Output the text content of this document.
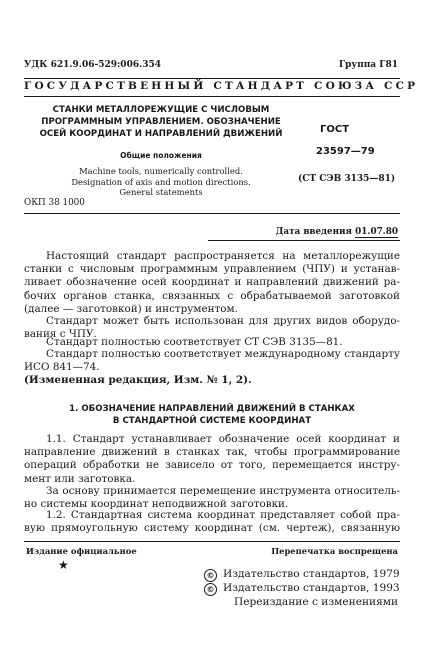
УДК 621.9.06-529:006.354	Группа Г81
ГОСУДАРСТВЕННЫЙ СТАНДАРТ СОЮЗА ССР
СТАНКИ МЕТАЛЛОРЕЖУЩИЕ С ЧИСЛОВЫМ
ПРОГРАММНЫМ УПРАВЛЕНИЕМ. ОБОЗНАЧЕНИЕ
ОСЕЙ КООРДИНАТ И НАПРАВЛЕНИЙ ДВИЖЕНИЙ
Общие положения
Machine tools, numerically controlled.
Designation of axis and motion directions.
General statements
ГОСТ
23597—79
(СТ СЭВ 3135—81)
ОКП 38 1000
Дата введения 01.07.80
Настоящий стандарт распространяется на металлорежущие
станки с числовым программным управлением (ЧПУ) и устанав-
ливает обозначение осей координат и направлений движений ра-
бочих органов станка, связанных с обрабатываемой заготовкой
(далее — заготовкой) и инструментом.
Стандарт может быть использован для других видов оборудо-
вания с ЧПУ.
Стандарт полностью соответствует СТ СЭВ 3135—81.
Стандарт полностью соответствует международному стандарту
ИСО 841—74.
(Измененная редакция, Изм. № 1, 2).
1. ОБОЗНАЧЕНИЕ НАПРАВЛЕНИЙ ДВИЖЕНИЙ В СТАНКАХ
В СТАНДАРТНОЙ СИСТЕМЕ КООРДИНАТ
1.1. Стандарт устанавливает обозначение осей координат и
направление движений в станках так, чтобы программирование
операций обработки не зависело от того, перемещается инстру-
мент или заготовка.
За основу принимается перемещение инструмента относитель-
но системы координат неподвижной заготовки.
1.2. Стандартная система координат представляет собой пра-
вую прямоугольную систему координат (см. чертеж), связанную
Издание официальное	Перепечатка воспрещена
★
© Издательство стандартов, 1979
© Издательство стандартов, 1993
Переиздание с изменениями
